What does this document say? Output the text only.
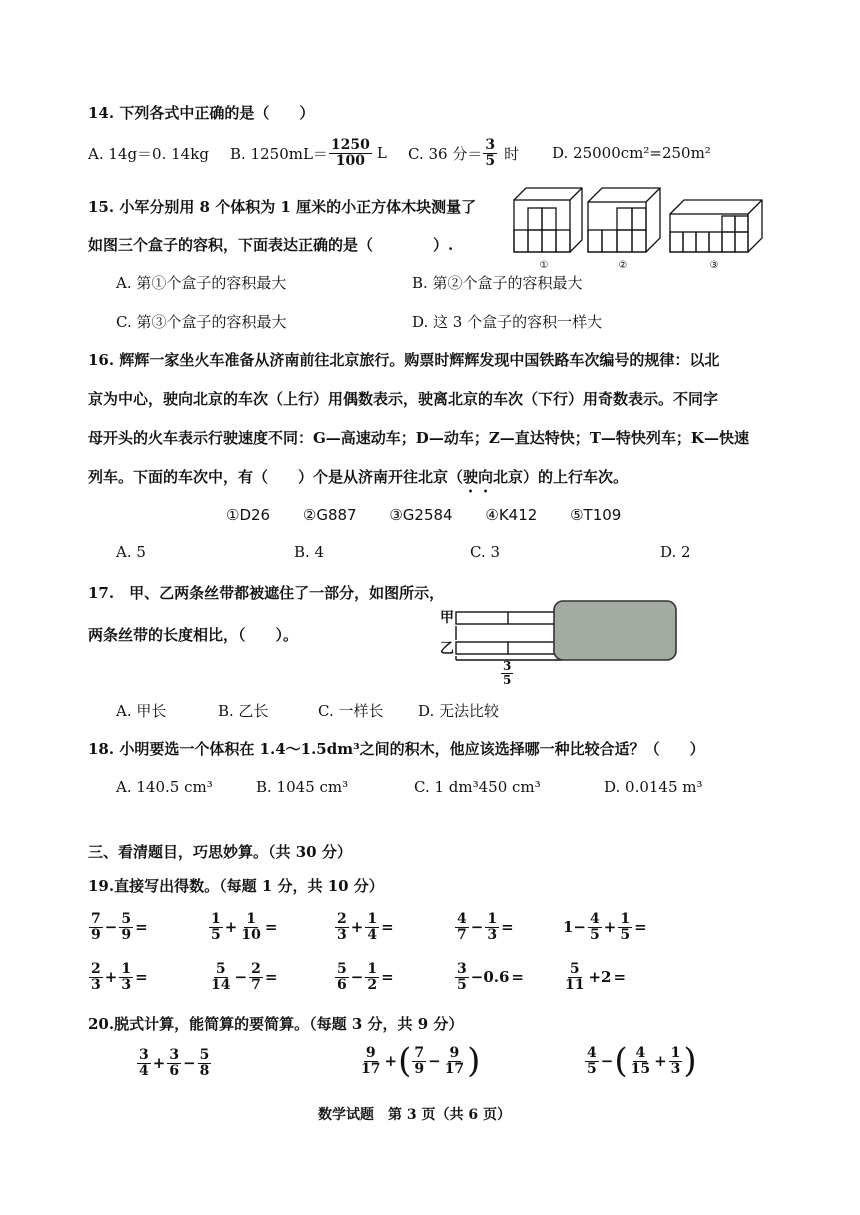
14. 下列各式中正确的是（　　）
A. 14g＝0. 14kg	B. $1250mL= \frac{1250}{100}$ L C. 36 分＝ $\frac{3}{5}$ 时 D. 25000cm²=250m²
15. 小军分别用 8 个体积为 1 厘米的小正方体木块测量了
如图三个盒子的容积，下面表达正确的是（　　　　）.
①	②	③
A. 第①个盒子的容积最大	B. 第②个盒子的容积最大
C. 第③个盒子的容积最大	D. 这 3 个盒子的容积一样大
16. 辉辉一家坐火车准备从济南前往北京旅行。购票时辉辉发现中国铁路车次编号的规律：以北
京为中心，驶向北京的车次（上行）用偶数表示，驶离北京的车次（下行）用奇数表示。不同字
母开头的火车表示行驶速度不同：G—高速动车；D—动车；Z—直达特快；T—特快列车；K—快速
列车。下面的车次中，有（　　）个是从济南开往北京（驶向北京）的上行车次。
①D26 ②G887 ③G2584 ④K412 ⑤T109
A. 5	B. 4	C. 3	D. 2
17.　甲、乙两条丝带都被遮住了一部分，如图所示，
两条丝带的长度相比，（　　）。
甲
乙
$\frac{3}{5}$
A. 甲长	B. 乙长	C. 一样长 D. 无法比较
18. 小明要选一个体积在 1.4～1.5dm³之间的积木，他应该选择哪一种比较合适？（　　）
A. 140.5 cm³	B. 1045 cm³	C. 1 dm³450 cm³	D. 0.0145 m³
三、看清题目，巧思妙算。（共 30 分）
19.直接写出得数。（每题 1 分，共 10 分）
$\frac{7}{9} - \frac{5}{9}$ =	$\frac{1}{5} + \frac{1}{10}$ =	$\frac{2}{3} + \frac{1}{4}$ =	$\frac{4}{7} - \frac{1}{3}$ =	$1- \frac{4}{5} + \frac{1}{5}$ =
$\frac{2}{3} + \frac{1}{3}$ =	$\frac{5}{14} - \frac{2}{7}$ =	$\frac{5}{6} - \frac{1}{2}$ =	$\frac{3}{5} -0.6$ =	$\frac{5}{11} +2$ =
20.脱式计算，能简算的要简算。（每题 3 分，共 9 分）
$\frac{3}{4} + \frac{3}{6} - \frac{5}{8}$	$\frac{9}{17}$ + ( $\frac{7}{9} - \frac{9}{17}$ )	$\frac{4}{5}$ − ( $\frac{4}{15} + \frac{1}{3}$ )
数学试题　第 3 页（共 6 页）
